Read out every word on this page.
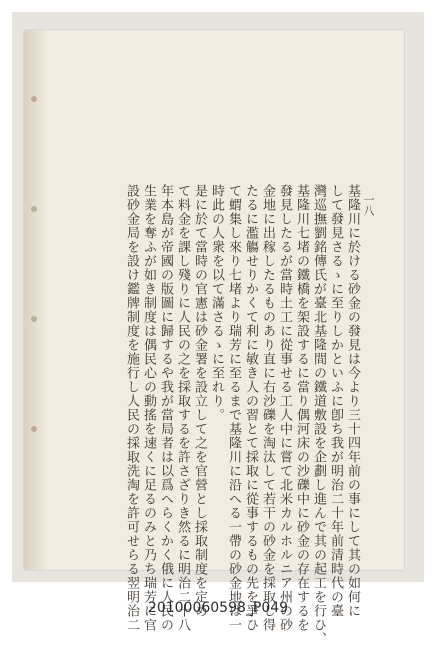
一八
基隆川に於ける砂金の發見は今より三十四年前の事にして其の如何に
して發見さるゝに至りしかといふに卽ち我が明治二十年前清時代の臺
灣巡撫劉銘傳氏が臺北基隆間の鐵道敷設を企劃し進んで其の起工を行ひ、
基隆川七堵の鐵橋を架設するに當り偶河床の沙礫中に砂金の存在するを
發見したるが當時土工に從事せる工人中に嘗て北米カルホルニア州の砂
金地に出稼したるものあり直に右沙礫を淘汰して若干の砂金を採取し得
たるに濫觴せりかくて利に敏き人の習とて採取に從事するもの先を爭ひ
て蝟集し來り七堵より瑞芳に至るまで基隆川に沿へる一帶の砂金地は一
時此の人衆を以て滿さるゝに至れり。
是に於て當時の官憲は砂金署を設立して之を官營とし採取制度を定め
て料金を課し殘りに人民の之を採取するを許さざりき然るに明治二十八
年本島が帝國の版圖に歸するや我が當局者は以爲へらくかく俄に人民の
生業を奪ふが如き制度は偶民心の動搖を速くに足るのみと乃ち瑞芳に官
設砂金局を設け鑑牌制度を施行し人民の採取洗淘を許可せらる翌明治二 20100060598_P049
